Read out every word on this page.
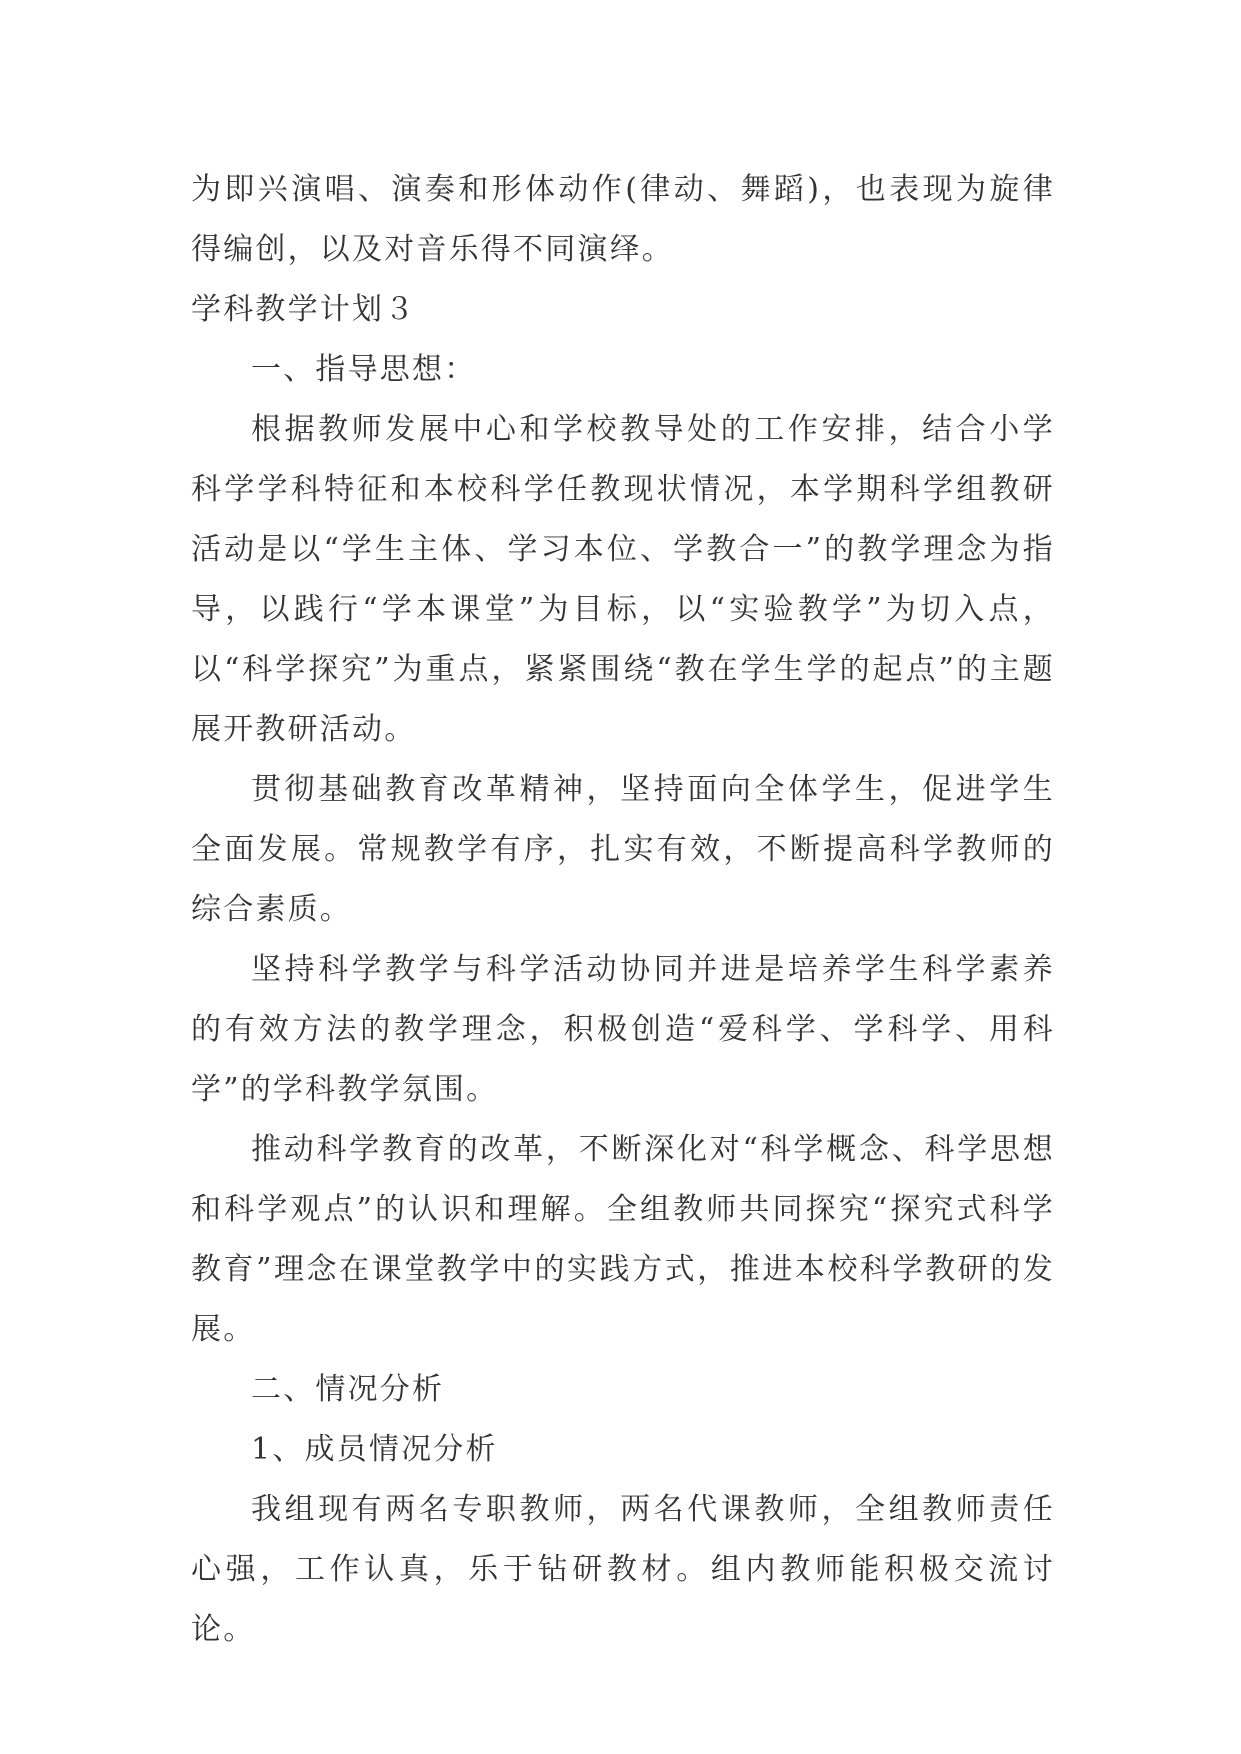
为即兴演唱、演奏和形体动作(律动、舞蹈)，也表现为旋律得编创，以及对音乐得不同演绎。

学科教学计划３

一、指导思想：

根据教师发展中心和学校教导处的工作安排，结合小学科学学科特征和本校科学任教现状情况，本学期科学组教研活动是以“学生主体、学习本位、学教合一”的教学理念为指导，以践行“学本课堂”为目标，以“实验教学”为切入点，以“科学探究”为重点，紧紧围绕“教在学生学的起点”的主题展开教研活动。

贯彻基础教育改革精神，坚持面向全体学生，促进学生全面发展。常规教学有序，扎实有效，不断提高科学教师的综合素质。

坚持科学教学与科学活动协同并进是培养学生科学素养的有效方法的教学理念，积极创造“爱科学、学科学、用科学”的学科教学氛围。

推动科学教育的改革，不断深化对“科学概念、科学思想和科学观点”的认识和理解。全组教师共同探究“探究式科学教育”理念在课堂教学中的实践方式，推进本校科学教研的发展。

二、情况分析

1、成员情况分析

我组现有两名专职教师，两名代课教师，全组教师责任心强，工作认真，乐于钻研教材。组内教师能积极交流讨论。
